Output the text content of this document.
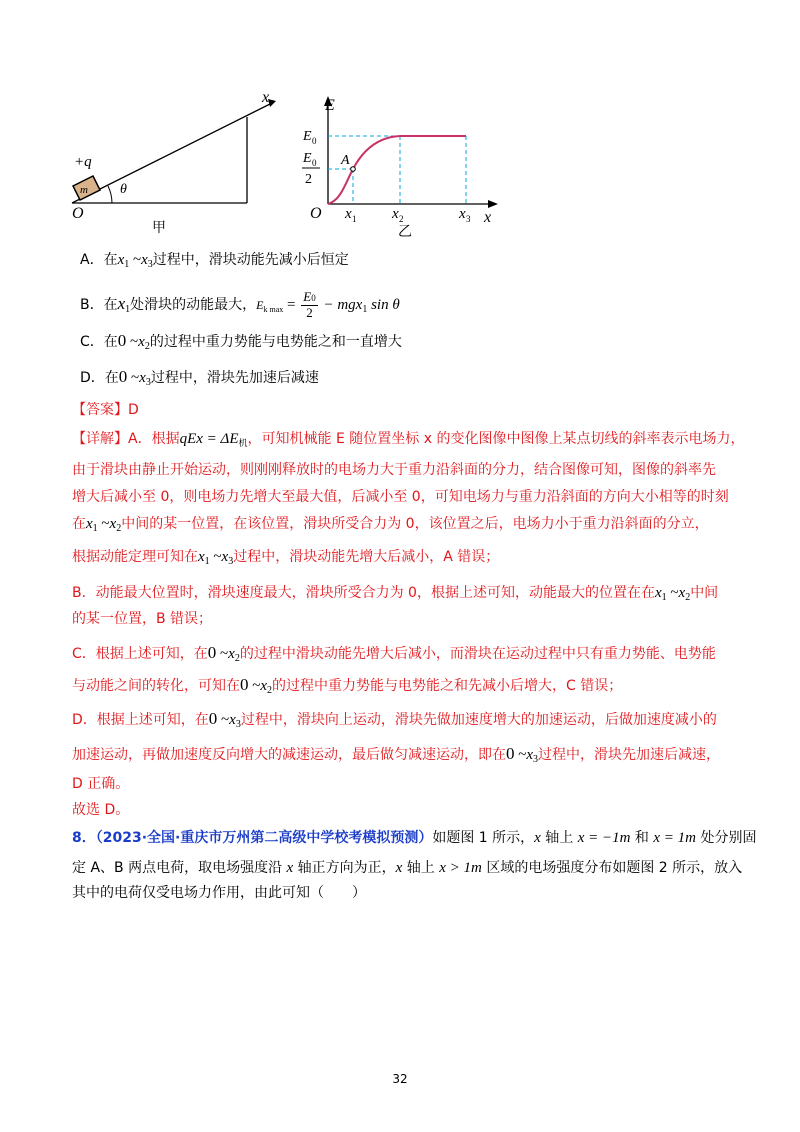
m
+q
θ
O
x
甲
A
E
x
O
E 0
E 0
2
x 1 x 2	x 3
乙
A．在$x_1$ $\sim x_3$过程中，滑块动能先减小后恒定
B．在$x_1$处滑块的动能最大，$E_{k max} = \frac{E0}{2} - mgx_1$ sin θ
C．在0 $\sim x_2$的过程中重力势能与电势能之和一直增大
D．在0 $\sim x_3$过程中，滑块先加速后减速
【答案】D
【详解】A．根据qEx = $\Delta E_机$，可知机械能 E 随位置坐标 x 的变化图像中图像上某点切线的斜率表示电场力，
由于滑块由静止开始运动，则刚刚释放时的电场力大于重力沿斜面的分力，结合图像可知，图像的斜率先
增大后减小至 0，则电场力先增大至最大值，后减小至 0，可知电场力与重力沿斜面的方向大小相等的时刻
在$x_1$ $\sim x_2$中间的某一位置，在该位置，滑块所受合力为 0，该位置之后，电场力小于重力沿斜面的分立，
根据动能定理可知在$x_1$ $\sim x_3$过程中，滑块动能先增大后减小，A 错误；
B．动能最大位置时，滑块速度最大，滑块所受合力为 0，根据上述可知，动能最大的位置在在$x_1$ $\sim x_2$中间
的某一位置，B 错误；
C．根据上述可知，在0 $\sim x_2$的过程中滑块动能先增大后减小，而滑块在运动过程中只有重力势能、电势能
与动能之间的转化，可知在0 $\sim x_2$的过程中重力势能与电势能之和先减小后增大，C 错误；
D．根据上述可知，在0 $\sim x_3$过程中，滑块向上运动，滑块先做加速度增大的加速运动，后做加速度减小的
加速运动，再做加速度反向增大的减速运动，最后做匀减速运动，即在0 $\sim x_3$过程中，滑块先加速后减速，
D 正确。
故选 D。
8．（2023·全国·重庆市万州第二高级中学校考模拟预测）如题图 1 所示，x 轴上 x = −1m 和 x = 1m 处分别固
定 A、B 两点电荷，取电场强度沿 x 轴正方向为正，x 轴上 x > 1m 区域的电场强度分布如题图 2 所示，放入
其中的电荷仅受电场力作用，由此可知（　　）
32
